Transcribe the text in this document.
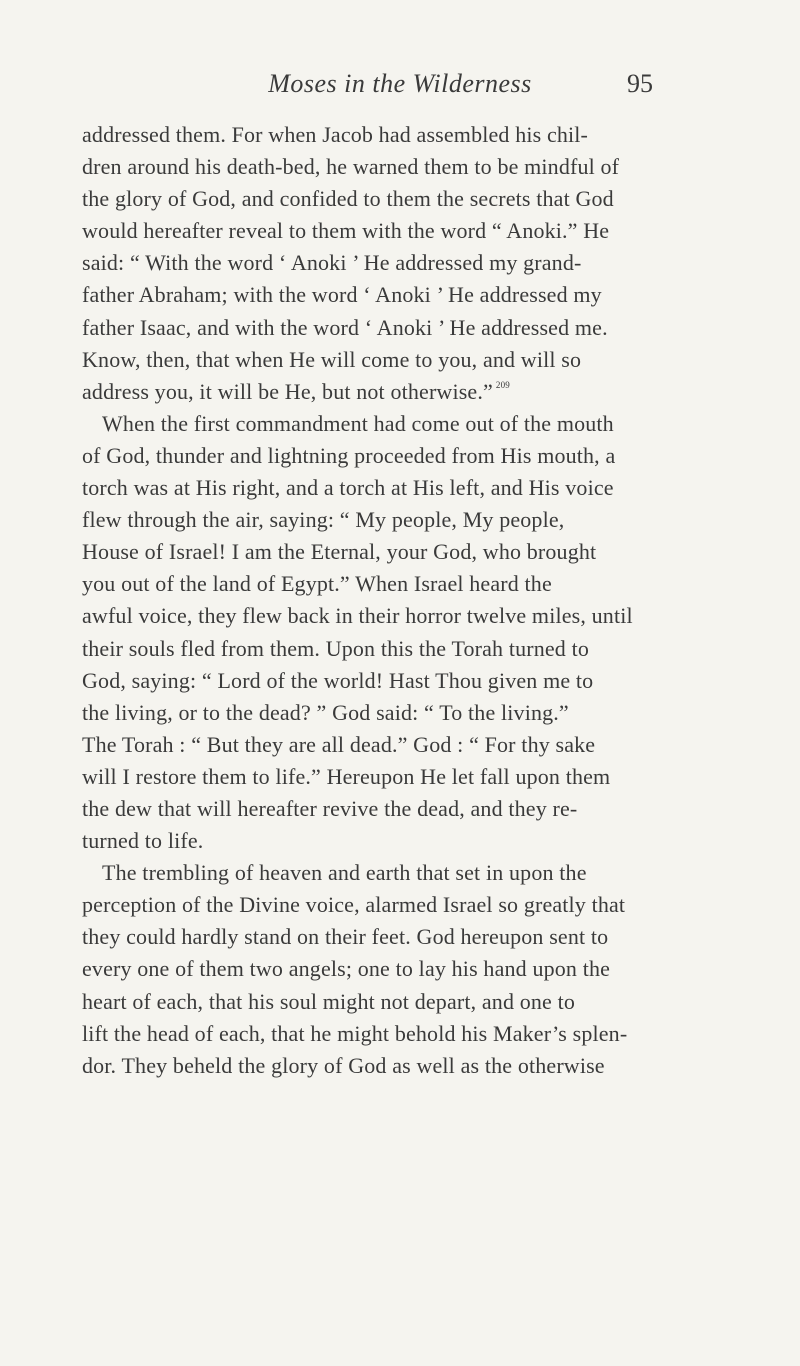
Moses in the Wilderness	95
addressed them. For when Jacob had assembled his chil-
dren around his death-bed, he warned them to be mindful of
the glory of God, and confided to them the secrets that God
would hereafter reveal to them with the word “ Anoki.” He
said: “ With the word ‘ Anoki ’ He addressed my grand-
father Abraham; with the word ‘ Anoki ’ He addressed my
father Isaac, and with the word ‘ Anoki ’ He addressed me.
Know, then, that when He will come to you, and will so
address you, it will be He, but not otherwise.” $^{209}$
When the first commandment had come out of the mouth
of God, thunder and lightning proceeded from His mouth, a
torch was at His right, and a torch at His left, and His voice
flew through the air, saying: “ My people, My people,
House of Israel! I am the Eternal, your God, who brought
you out of the land of Egypt.” When Israel heard the
awful voice, they flew back in their horror twelve miles, until
their souls fled from them. Upon this the Torah turned to
God, saying: “ Lord of the world! Hast Thou given me to
the living, or to the dead? ” God said: “ To the living.”
The Torah : “ But they are all dead.” God : “ For thy sake
will I restore them to life.” Hereupon He let fall upon them
the dew that will hereafter revive the dead, and they re-
turned to life.
The trembling of heaven and earth that set in upon the
perception of the Divine voice, alarmed Israel so greatly that
they could hardly stand on their feet. God hereupon sent to
every one of them two angels; one to lay his hand upon the
heart of each, that his soul might not depart, and one to
lift the head of each, that he might behold his Maker’s splen-
dor. They beheld the glory of God as well as the otherwise
